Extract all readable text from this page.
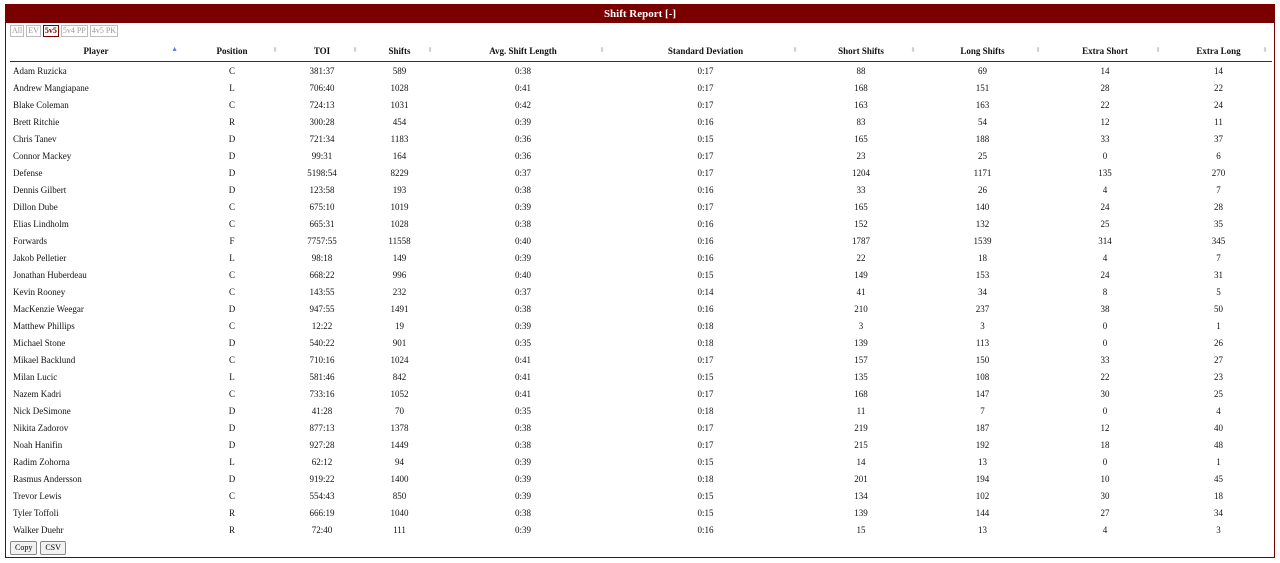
Shift Report [-]
All EV 5v5 5v4 PP 4v5 PK
Player ▲	Position ⬍	TOI ⬍	Shifts ⬍	Avg. Shift Length ⬍	Standard Deviation ⬍	Short Shifts ⬍	Long Shifts ⬍	Extra Short ⬍	Extra Long ⬍

Adam Ruzicka	C	381:37	589	0:38	0:17	88	69	14	14
Andrew Mangiapane	L	706:40	1028	0:41	0:17	168	151	28	22
Blake Coleman	C	724:13	1031	0:42	0:17	163	163	22	24
Brett Ritchie	R	300:28	454	0:39	0:16	83	54	12	11
Chris Tanev	D	721:34	1183	0:36	0:15	165	188	33	37
Connor Mackey	D	99:31	164	0:36	0:17	23	25	0	6
Defense	D	5198:54	8229	0:37	0:17	1204	1171	135	270
Dennis Gilbert	D	123:58	193	0:38	0:16	33	26	4	7
Dillon Dube	C	675:10	1019	0:39	0:17	165	140	24	28
Elias Lindholm	C	665:31	1028	0:38	0:16	152	132	25	35
Forwards	F	7757:55	11558	0:40	0:16	1787	1539	314	345
Jakob Pelletier	L	98:18	149	0:39	0:16	22	18	4	7
Jonathan Huberdeau	C	668:22	996	0:40	0:15	149	153	24	31
Kevin Rooney	C	143:55	232	0:37	0:14	41	34	8	5
MacKenzie Weegar	D	947:55	1491	0:38	0:16	210	237	38	50
Matthew Phillips	C	12:22	19	0:39	0:18	3	3	0	1
Michael Stone	D	540:22	901	0:35	0:18	139	113	0	26
Mikael Backlund	C	710:16	1024	0:41	0:17	157	150	33	27
Milan Lucic	L	581:46	842	0:41	0:15	135	108	22	23
Nazem Kadri	C	733:16	1052	0:41	0:17	168	147	30	25
Nick DeSimone	D	41:28	70	0:35	0:18	11	7	0	4
Nikita Zadorov	D	877:13	1378	0:38	0:17	219	187	12	40
Noah Hanifin	D	927:28	1449	0:38	0:17	215	192	18	48
Radim Zohorna	L	62:12	94	0:39	0:15	14	13	0	1
Rasmus Andersson	D	919:22	1400	0:39	0:18	201	194	10	45
Trevor Lewis	C	554:43	850	0:39	0:15	134	102	30	18
Tyler Toffoli	R	666:19	1040	0:38	0:15	139	144	27	34
Walker Duehr	R	72:40	111	0:39	0:16	15	13	4	3
Copy	CSV
